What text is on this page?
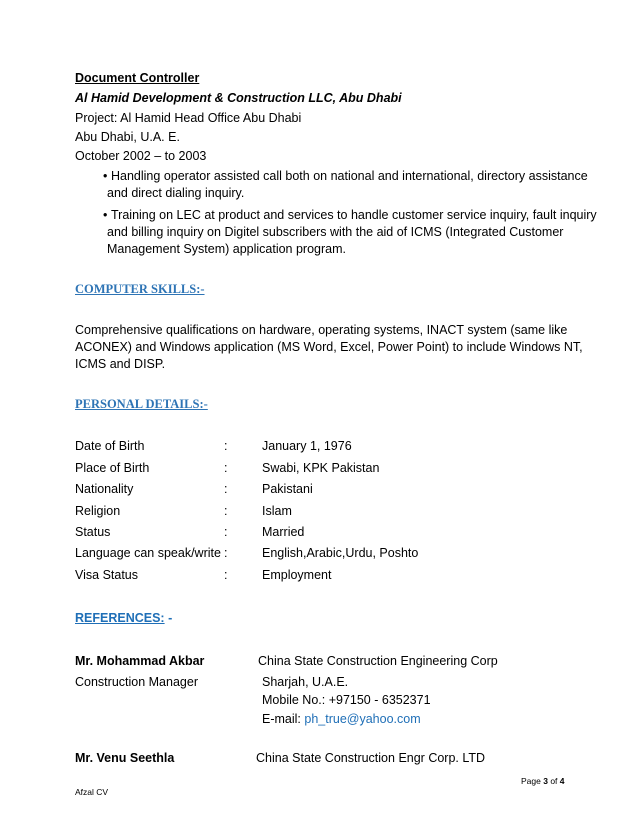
Document Controller
Al Hamid Development & Construction LLC, Abu Dhabi
Project: Al Hamid Head Office Abu Dhabi
Abu Dhabi, U.A. E.
October 2002 – to 2003
• Handling operator assisted call both on national and international, directory assistance
and direct dialing inquiry.
• Training on LEC at product and services to handle customer service inquiry, fault inquiry
and billing inquiry on Digitel subscribers with the aid of ICMS (Integrated Customer
Management System) application program.
COMPUTER SKILLS:-
Comprehensive qualifications on hardware, operating systems, INACT system (same like
ACONEX) and Windows application (MS Word, Excel, Power Point) to include Windows NT,
ICMS and DISP.
PERSONAL DETAILS:-
Date of Birth	:	January 1, 1976
Place of Birth	:	Swabi, KPK Pakistan
Nationality	:	Pakistani
Religion	:	Islam
Status	:	Married
Language can speak/write :	English,Arabic,Urdu, Poshto
Visa Status	:	Employment
REFERENCES: -
Mr. Mohammad Akbar	China State Construction Engineering Corp
Construction Manager	Sharjah, U.A.E.
Mobile No.: +97150 - 6352371
E-mail: ph_true@yahoo.com
Mr. Venu Seethla	China State Construction Engr Corp. LTD
Page 3 of 4
Afzal CV
